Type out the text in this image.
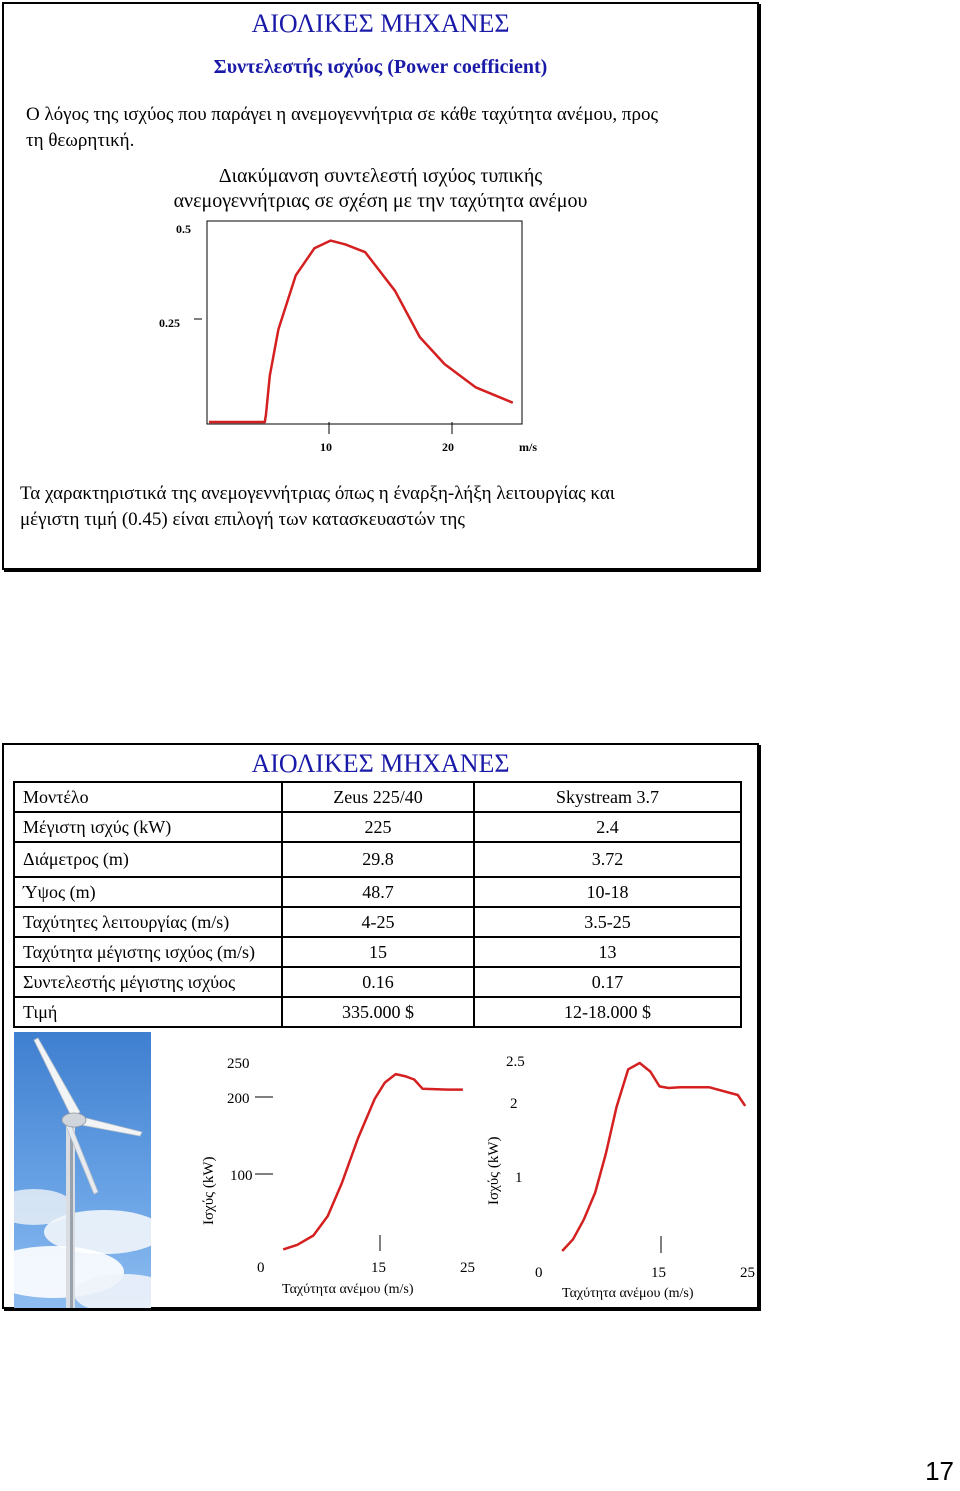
ΑΙΟΛΙΚΕΣ ΜΗΧΑΝΕΣ
Συντελεστής ισχύος (Power coefficient)
Ο λόγος της ισχύος που παράγει η ανεμογεννήτρια σε κάθε ταχύτητα ανέμου, προς
τη θεωρητική.
Διακύμανση συντελεστή ισχύος τυπικής
ανεμογεννήτριας σε σχέση με την ταχύτητα ανέμου
0.5
0.25
10	20	m/s
Τα χαρακτηριστικά της ανεμογεννήτριας όπως η έναρξη-λήξη λειτουργίας και
μέγιστη τιμή (0.45) είναι επιλογή των κατασκευαστών της
ΑΙΟΛΙΚΕΣ ΜΗΧΑΝΕΣ
Μοντέλο	Zeus 225/40	Skystream 3.7
Μέγιστη ισχύς (kW)	225	2.4
Διάμετρος (m)	29.8	3.72
Ύψος (m)	48.7	10-18
Ταχύτητες λειτουργίας (m/s)	4-25	3.5-25
Ταχύτητα μέγιστης ισχύος (m/s)	15	13
Συντελεστής μέγιστης ισχύος	0.16	0.17
Τιμή	335.000 $	12-18.000 $
Ισχύς (kW)
250
200
100
0	15	25
Ταχύτητα ανέμου (m/s)
Ισχύς (kW)
2.5
2
1
0	15	25
Ταχύτητα ανέμου (m/s)
17
